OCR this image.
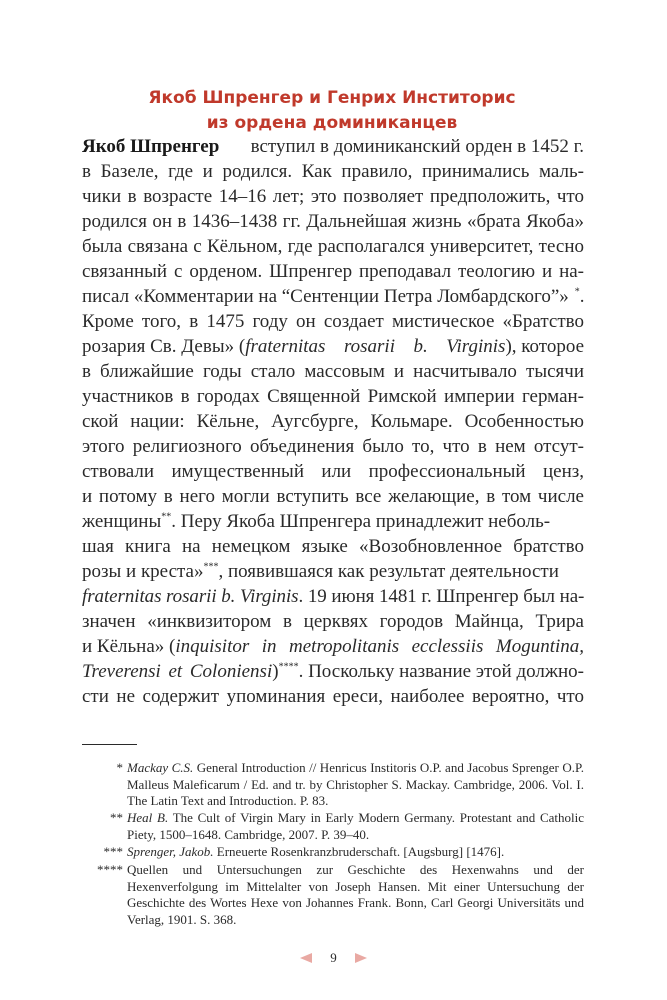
Якоб Шпренгер и Генрих Инститорис
из ордена доминиканцев
Якоб Шпренгер вступил в доминиканский орден в 1452 г.
в Базеле, где и родился. Как правило, принимались маль-
чики в возрасте 14–16 лет; это позволяет предположить, что
родился он в 1436–1438 гг. Дальнейшая жизнь «брата Якоба»
была связана с Кёльном, где располагался университет, тесно
связанный с орденом. Шпренгер преподавал теологию и на-
писал «Комментарии на “Сентенции Петра Ломбардского”» *.
Кроме того, в 1475 году он создает мистическое «Братство
розария Св. Девы» (fraternitas rosarii b. Virginis), которое
в ближайшие годы стало массовым и насчитывало тысячи
участников в городах Священной Римской империи герман-
ской нации: Кёльне, Аугсбурге, Кольмаре. Особенностью
этого религиозного объединения было то, что в нем отсут-
ствовали имущественный или профессиональный ценз,
и потому в него могли вступить все желающие, в том числе
женщины**. Перу Якоба Шпренгера принадлежит неболь-
шая книга на немецком языке «Возобновленное братство
розы и креста»***, появившаяся как результат деятельности
fraternitas rosarii b. Virginis. 19 июня 1481 г. Шпренгер был на-
значен «инквизитором в церквях городов Майнца, Трира
и Кёльна» (inquisitor in metropolitanis ecclessiis Moguntina,
Treverensi et Coloniensi)****. Поскольку название этой должно-
сти не содержит упоминания ереси, наиболее вероятно, что
* Mackay C.S. General Introduction // Henricus Institoris O.P. and Jacobus Sprenger O.P. Malleus Maleficarum / Ed. and tr. by Christopher S. Mackay. Cambridge, 2006. Vol. I. The Latin Text and Introduction. P. 83.
** Heal B. The Cult of Virgin Mary in Early Modern Germany. Protestant and Catholic Piety, 1500–1648. Cambridge, 2007. P. 39–40.
*** Sprenger, Jakob. Erneuerte Rosenkranzbruderschaft. [Augsburg] [1476].
**** Quellen und Untersuchungen zur Geschichte des Hexenwahns und der Hexenverfolgung im Mittelalter von Joseph Hansen. Mit einer Untersuchung der Geschichte des Wortes Hexe von Johannes Frank. Bonn, Carl Georgi Universitäts und Verlag, 1901. S. 368.
9
